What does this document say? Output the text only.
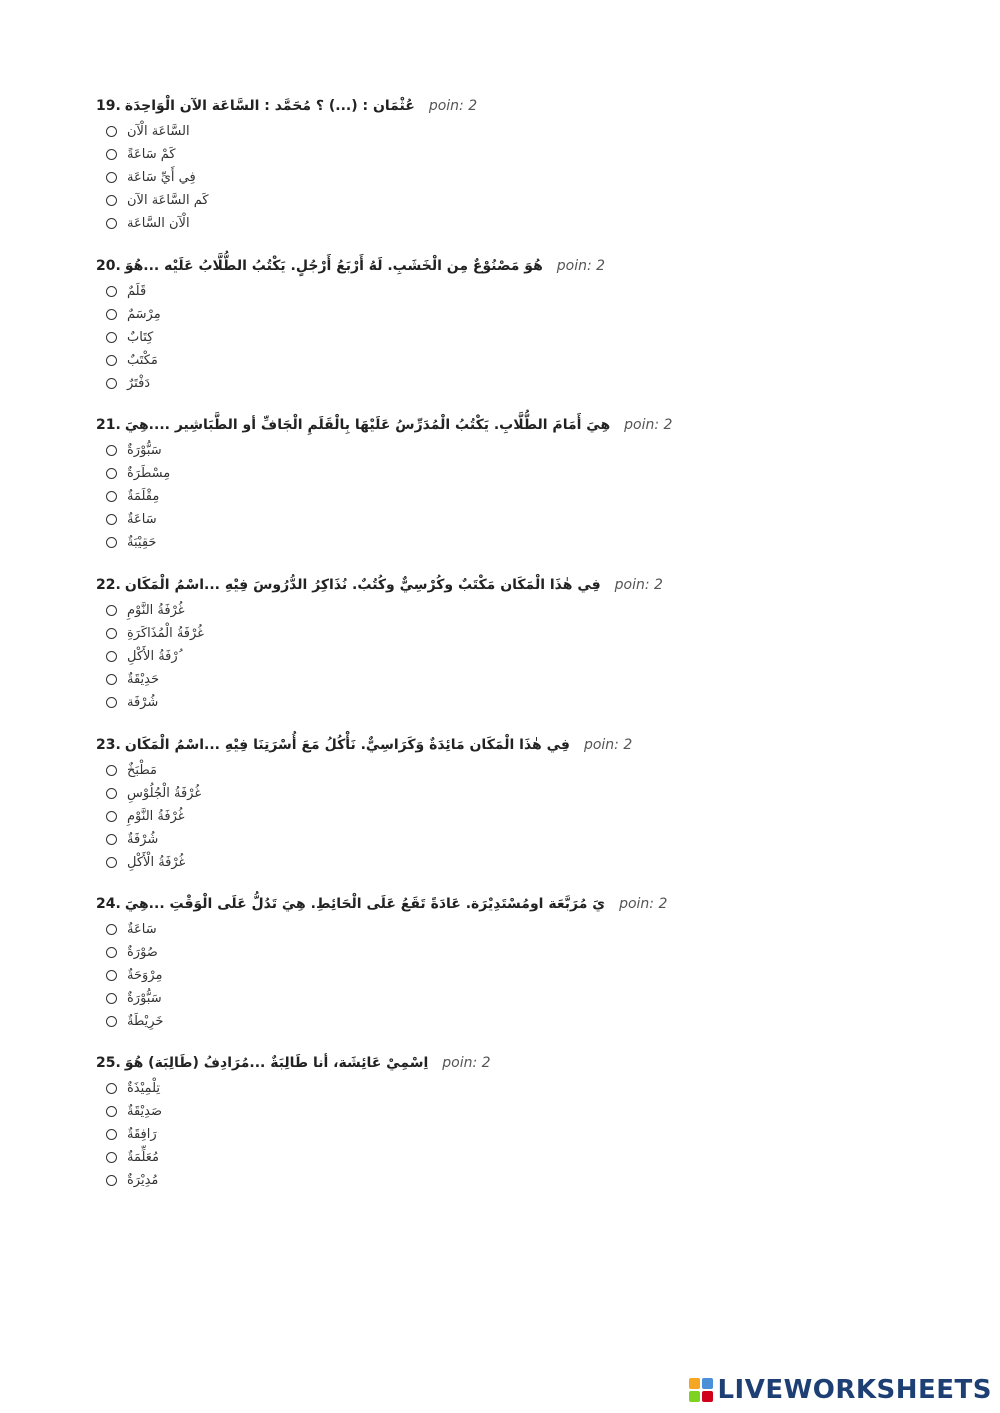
19. عُثْمَان : (...) ؟ مُحَمَّد : السَّاعَة الآن الْوَاحِدَة poin: 2
السَّاعَة الْآن
كَمْ سَاعَةً
فِي أَيِّ سَاعَة
كَم السَّاعَة الآن
الْآن السَّاعَة
20. هُوَ مَصْنُوْعٌ مِن الْخَشَبِ. لَهُ أَرْبَعُ أَرْجُلٍ. يَكْتُبُ الطُّلَّابُ عَلَيْه ...هُوَ poin: 2
قَلَمٌ
مِرْسَمٌ
كِتَابٌ
مَكْتَبٌ
دَفْتَرٌ
21. هِيَ أَمَامَ الطُّلَّابِ. يَكْتُبُ الْمُدَرِّسُ عَلَيْهَا بِالْقَلَمِ الْجَافِّ أو الطَّبَاشِير ....هِيَ poin: 2
سَبُّوْرَةٌ
مِسْطَرَةٌ
مِقْلَمَةٌ
سَاعَةٌ
حَقِيْبَةٌ
22. فِي هٰذَا الْمَكَان مَكْتَبٌ وكُرْسِيٌّ وكُتُبٌ. نُذَاكِرُ الدُّرُوسَ فِيْهِ ...اسْمُ الْمَكَان poin: 2
غُرْفَةُ النَّوْمِ
غُرْفَةُ الْمُذَاكَرَةِ
ُرْفَةُ الأَكْلِ
حَدِيْقَةٌ
شُرْفَة
23. فِي هٰذَا الْمَكَان مَائِدَةٌ وَكَرَاسِيٌّ. نَأْكُلُ مَعَ أُسْرَتِنَا فِيْهِ ...اسْمُ الْمَكَان poin: 2
مَطْبَخٌ
غُرْفَةُ الْجُلُوْسِ
غُرْفَةُ النَّوْمِ
شُرْفَةٌ
غُرْفَةُ الْأَكْلِ
24. يَ مُرَبَّعَة اومُسْتَدِيْرَة. عَادَةً تَقَعُ عَلَى الْحَائِطِ. هِيَ تَدُلُّ عَلَى الْوَقْتِ ...هِيَ poin: 2
سَاعَةٌ
صُوْرَةٌ
مِرْوَحَةٌ
سَبُّوْرَةٌ
خَرِيْطَةٌ
25. اِسْمِيْ عَائِشَة، أنا طَالِبَةٌ ...مُرَادِفُ (طَالِبَة) هُوَ poin: 2
تِلْمِيْذَةٌ
صَدِيْقَةٌ
رَافِقَةٌ
مُعَلِّمَةٌ
مُدِيْرَةٌ
LIVEWORKSHEETS
